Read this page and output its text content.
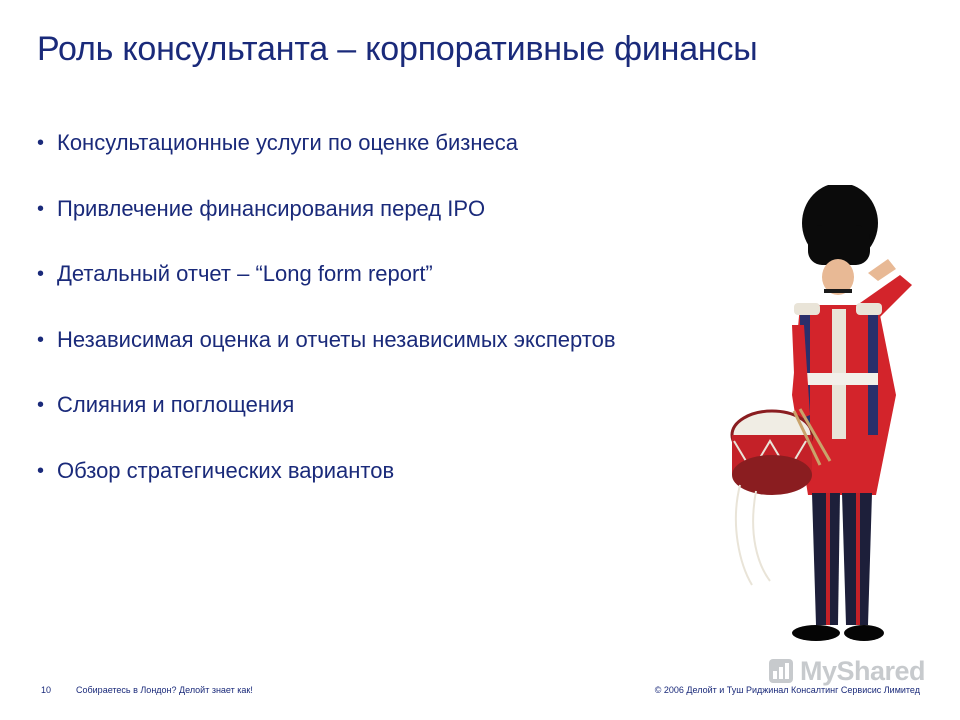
Роль консультанта – корпоративные финансы
• Консультационные услуги по оценке бизнеса
• Привлечение финансирования перед IPO
• Детальный отчет – “Long form report”
• Независимая оценка и отчеты независимых экспертов
• Слияния и поглощения
• Обзор стратегических вариантов
MyShared
10	Собираетесь в Лондон? Делойт знает как!	© 2006 Делойт и Туш Риджинал Консалтинг Сервисис Лимитед
